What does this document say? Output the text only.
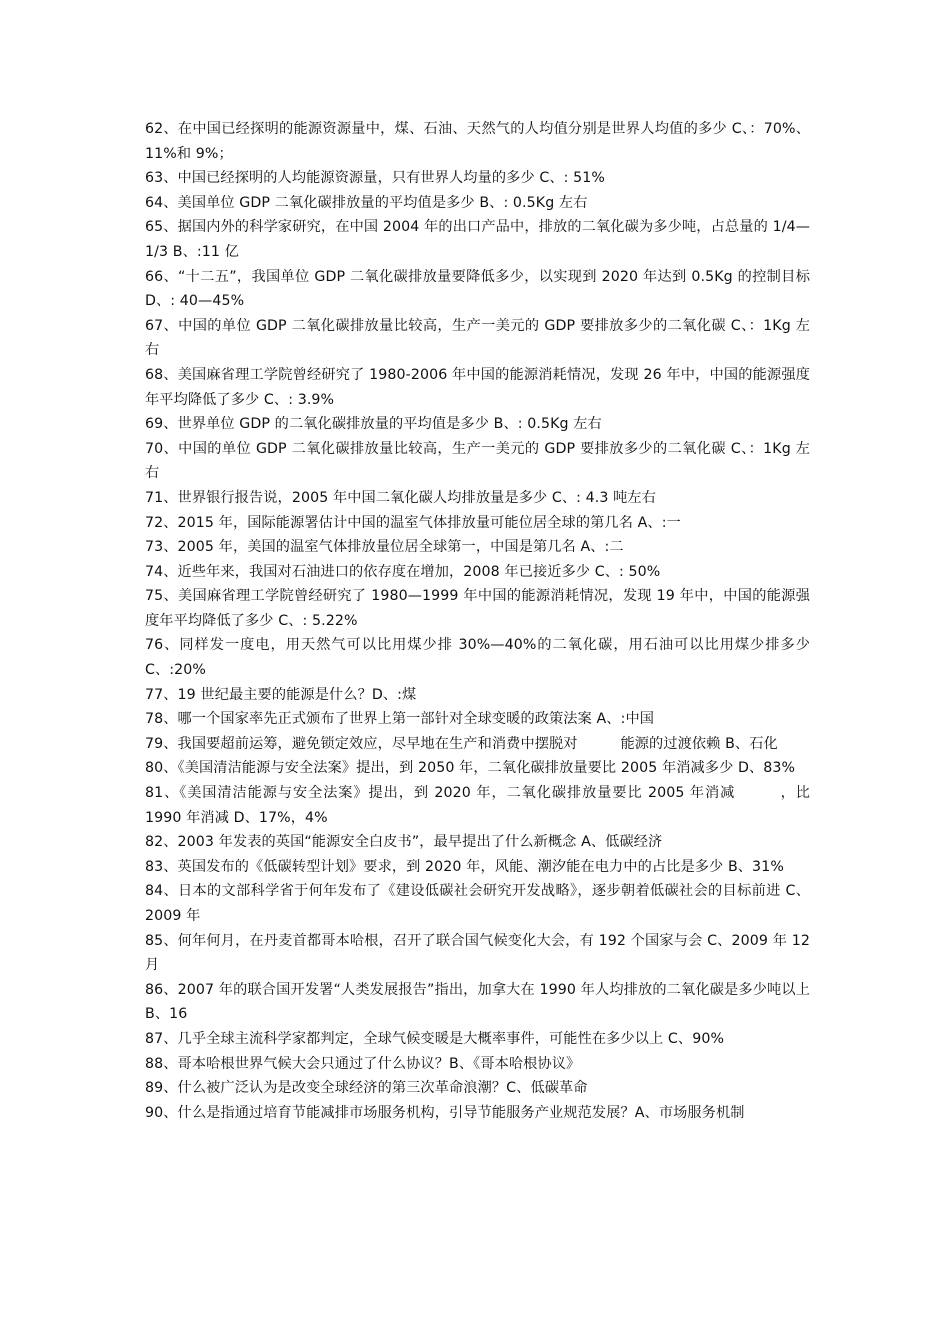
62、在中国已经探明的能源资源量中，煤、石油、天然气的人均值分别是世界人均值的多少 C、：70%、11%和 9%；

63、中国已经探明的人均能源资源量，只有世界人均量的多少 C、: 51%

64、美国单位 GDP 二氧化碳排放量的平均值是多少 B、: 0.5Kg 左右

65、据国内外的科学家研究，在中国 2004 年的出口产品中，排放的二氧化碳为多少吨，占总量的 1/4—1/3 B、:11 亿

66、“十二五”，我国单位 GDP 二氧化碳排放量要降低多少，以实现到 2020 年达到 0.5Kg 的控制目标 D、: 40—45%

67、中国的单位 GDP 二氧化碳排放量比较高，生产一美元的 GDP 要排放多少的二氧化碳 C、：1Kg 左右

68、美国麻省理工学院曾经研究了 1980-2006 年中国的能源消耗情况，发现 26 年中，中国的能源强度年平均降低了多少 C、: 3.9%

69、世界单位 GDP 的二氧化碳排放量的平均值是多少 B、: 0.5Kg 左右

70、中国的单位 GDP 二氧化碳排放量比较高，生产一美元的 GDP 要排放多少的二氧化碳 C、：1Kg 左右

71、世界银行报告说，2005 年中国二氧化碳人均排放量是多少 C、: 4.3 吨左右

72、2015 年，国际能源署估计中国的温室气体排放量可能位居全球的第几名 A、:一

73、2005 年，美国的温室气体排放量位居全球第一，中国是第几名 A、:二

74、近些年来，我国对石油进口的依存度在增加，2008 年已接近多少 C、: 50%

75、美国麻省理工学院曾经研究了 1980—1999 年中国的能源消耗情况，发现 19 年中，中国的能源强度年平均降低了多少 C、: 5.22%

76、同样发一度电，用天然气可以比用煤少排 30%—40%的二氧化碳，用石油可以比用煤少排多少 C、:20%

77、19 世纪最主要的能源是什么？D、:煤

78、哪一个国家率先正式颁布了世界上第一部针对全球变暖的政策法案 A、:中国

79、我国要超前运筹，避免锁定效应，尽早地在生产和消费中摆脱对　　　能源的过渡依赖 B、石化

80、《美国清洁能源与安全法案》提出，到 2050 年，二氧化碳排放量要比 2005 年消减多少 D、83%

81、《美国清洁能源与安全法案》提出，到 2020 年，二氧化碳排放量要比 2005 年消减　　　，比 1990 年消减 D、17%，4%

82、2003 年发表的英国“能源安全白皮书”，最早提出了什么新概念 A、低碳经济

83、英国发布的《低碳转型计划》要求，到 2020 年，风能、潮汐能在电力中的占比是多少 B、31%

84、日本的文部科学省于何年发布了《建设低碳社会研究开发战略》，逐步朝着低碳社会的目标前进 C、2009 年

85、何年何月，在丹麦首都哥本哈根，召开了联合国气候变化大会，有 192 个国家与会 C、2009 年 12 月

86、2007 年的联合国开发署“人类发展报告”指出，加拿大在 1990 年人均排放的二氧化碳是多少吨以上 B、16

87、几乎全球主流科学家都判定，全球气候变暖是大概率事件，可能性在多少以上 C、90%

88、哥本哈根世界气候大会只通过了什么协议？B、《哥本哈根协议》

89、什么被广泛认为是改变全球经济的第三次革命浪潮？C、低碳革命

90、什么是指通过培育节能减排市场服务机构，引导节能服务产业规范发展？A、市场服务机制
